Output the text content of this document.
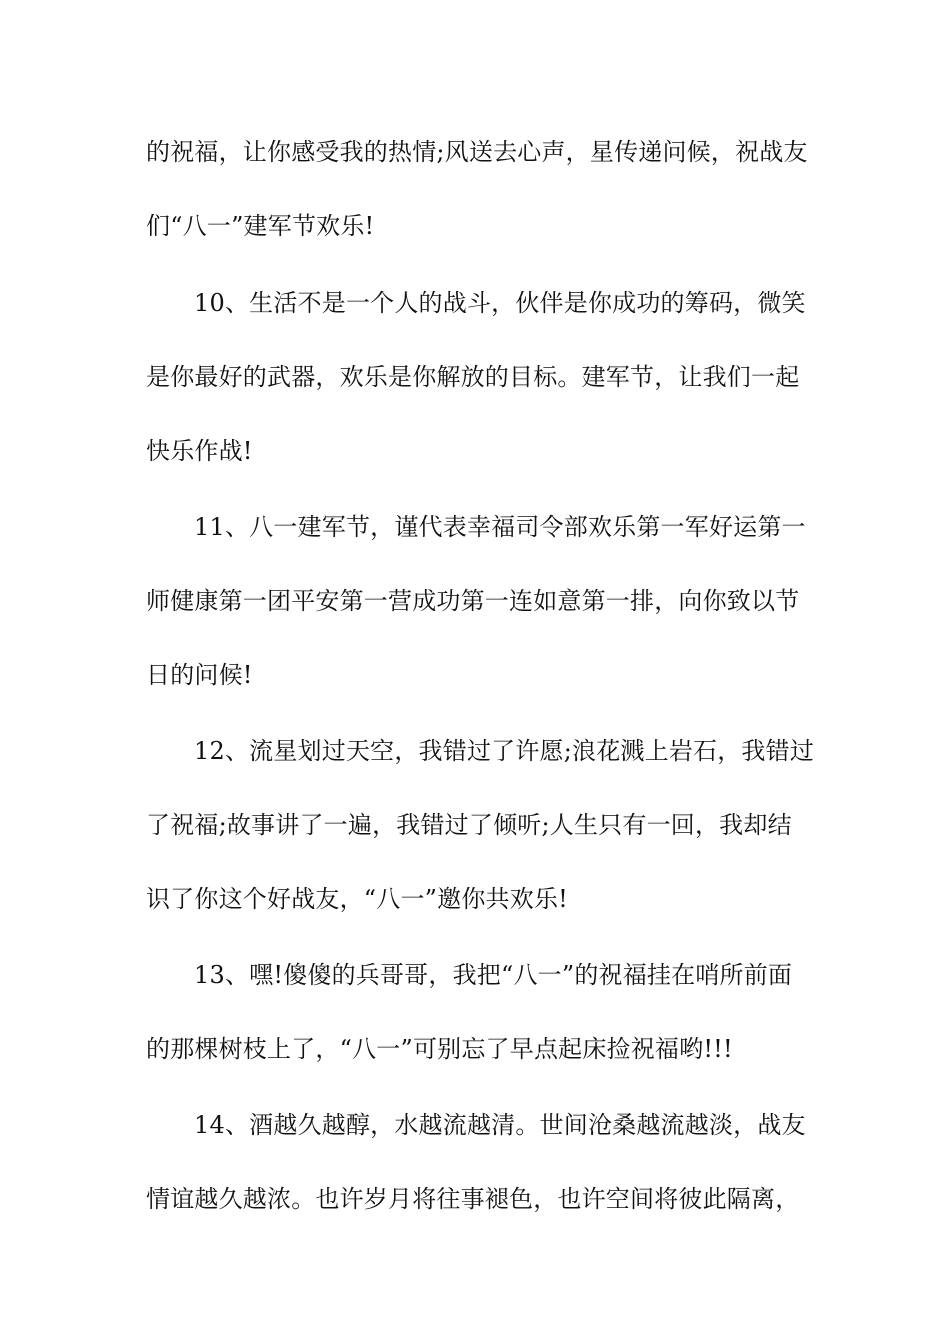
的祝福，让你感受我的热情;风送去心声，星传递问候，祝战友
们“八一”建军节欢乐!
10、生活不是一个人的战斗，伙伴是你成功的筹码，微笑
是你最好的武器，欢乐是你解放的目标。建军节，让我们一起
快乐作战!
11、八一建军节，谨代表幸福司令部欢乐第一军好运第一
师健康第一团平安第一营成功第一连如意第一排，向你致以节
日的问候!
12、流星划过天空，我错过了许愿;浪花溅上岩石，我错过
了祝福;故事讲了一遍，我错过了倾听;人生只有一回，我却结
识了你这个好战友，“八一”邀你共欢乐!
13、嘿!傻傻的兵哥哥，我把“八一”的祝福挂在哨所前面
的那棵树枝上了，“八一”可别忘了早点起床捡祝福哟!!!
14、酒越久越醇，水越流越清。世间沧桑越流越淡，战友
情谊越久越浓。也许岁月将往事褪色，也许空间将彼此隔离，
